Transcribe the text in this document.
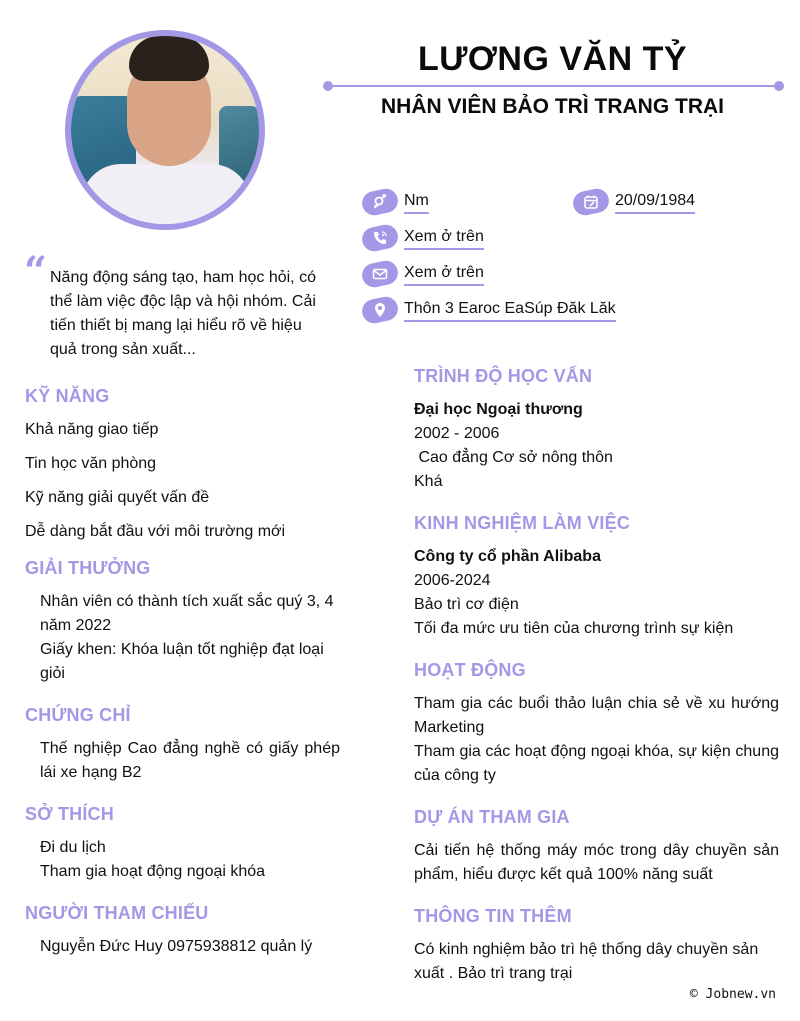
LƯƠNG VĂN TỶ
NHÂN VIÊN BẢO TRÌ TRANG TRẠI
Nm	20/09/1984
Xem ở trên
Xem ở trên
Thôn 3 Earoc EaSúp Đăk Lăk
“ Năng động sáng tạo, ham học hỏi, có thể làm việc độc lập và hội nhóm. Cải tiến thiết bị mang lại hiểu rõ về hiệu quả trong sản xuất...
KỸ NĂNG
Khả năng giao tiếp
Tin học văn phòng
Kỹ năng giải quyết vấn đề
Dễ dàng bắt đầu với môi trường mới
GIẢI THƯỞNG
Nhân viên có thành tích xuất sắc quý 3, 4 năm 2022
Giấy khen: Khóa luận tốt nghiệp đạt loại giỏi
CHỨNG CHỈ
Thế nghiệp Cao đẳng nghề có giấy phép lái xe hạng B2
SỞ THÍCH
Đi du lịch
Tham gia hoạt động ngoại khóa
NGƯỜI THAM CHIẾU
Nguyễn Đức Huy 0975938812 quản lý
TRÌNH ĐỘ HỌC VẤN
Đại học Ngoại thương
2002 - 2006
Cao đẳng Cơ sở nông thôn
Khá
KINH NGHIỆM LÀM VIỆC
Công ty cổ phần Alibaba
2006-2024
Bảo trì cơ điện
Tối đa mức ưu tiên của chương trình sự kiện
HOẠT ĐỘNG
Tham gia các buổi thảo luận chia sẻ về xu hướng Marketing
Tham gia các hoạt động ngoại khóa, sự kiện chung của công ty
DỰ ÁN THAM GIA
Cải tiến hệ thống máy móc trong dây chuyền sản phẩm, hiểu được kết quả 100% năng suất
THÔNG TIN THÊM
Có kinh nghiệm bảo trì hệ thống dây chuyền sản xuất . Bảo trì trang trại
© Jobnew.vn
